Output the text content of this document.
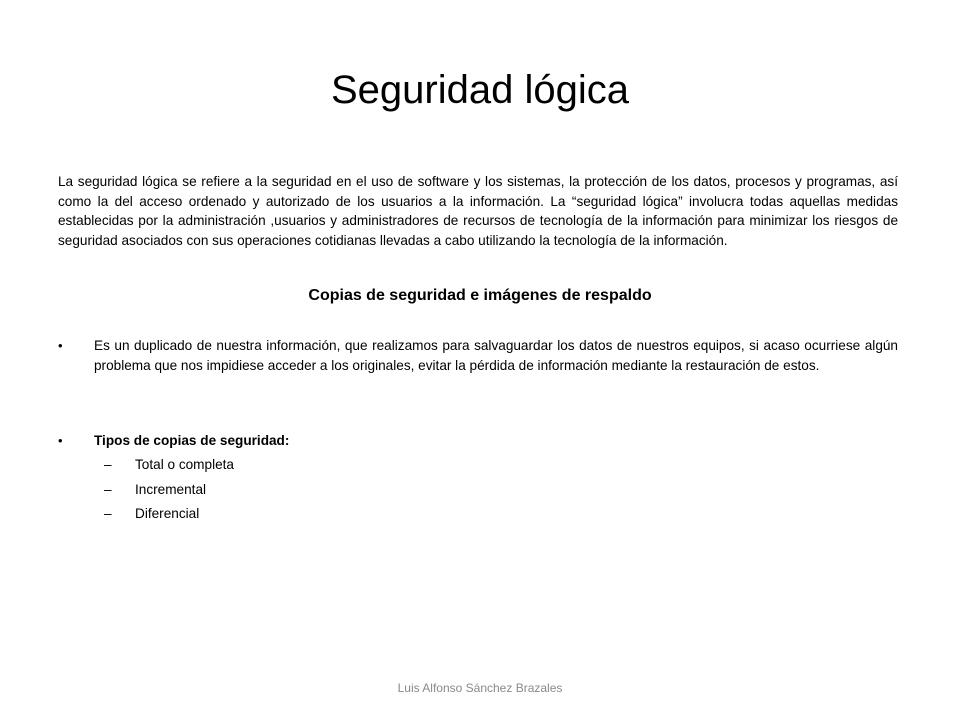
Seguridad lógica
La seguridad lógica se refiere a la seguridad en el uso de software y los sistemas, la protección de los datos, procesos y programas, así como la del acceso ordenado y autorizado de los usuarios a la información. La “seguridad lógica” involucra todas aquellas medidas establecidas por la administración ,usuarios y administradores de recursos de tecnología de la información para minimizar los riesgos de seguridad asociados con sus operaciones cotidianas llevadas a cabo utilizando la tecnología de la información.
Copias de seguridad e imágenes de respaldo
•	Es un duplicado de nuestra información, que realizamos para salvaguardar los datos de nuestros equipos, si acaso ocurriese algún problema que nos impidiese acceder a los originales, evitar la pérdida de información mediante la restauración de estos.
•	Tipos de copias de seguridad:
– Total o completa
– Incremental
– Diferencial
Luis Alfonso Sánchez Brazales
